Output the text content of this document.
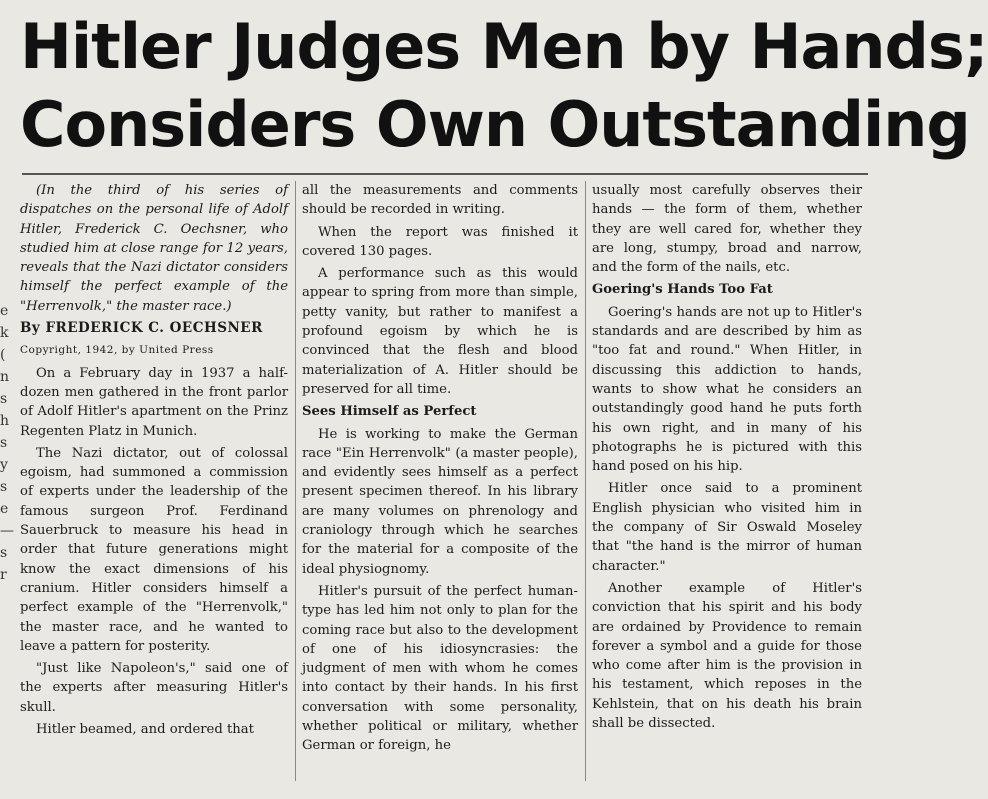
e
k
(
n
s
h
s
y
s
e
—
s
r
Hitler Judges Men by Hands;
Considers Own Outstanding

(In the third of his series of dispatches on the personal life of Adolf Hitler, Frederick C. Oechsner, who studied him at close range for 12 years, reveals that the Nazi dictator considers himself the perfect example of the "Herrenvolk," the master race.)

By FREDERICK C. OECHSNER

Copyright, 1942, by United Press

On a February day in 1937 a half-dozen men gathered in the front parlor of Adolf Hitler's apartment on the Prinz Regenten Platz in Munich.

The Nazi dictator, out of colossal egoism, had summoned a commission of experts under the leadership of the famous surgeon Prof. Ferdinand Sauerbruck to measure his head in order that future generations might know the exact dimensions of his cranium. Hitler considers himself a perfect example of the "Herrenvolk," the master race, and he wanted to leave a pattern for posterity.

"Just like Napoleon's," said one of the experts after measuring Hitler's skull.

Hitler beamed, and ordered that

all the measurements and comments should be recorded in writing.

When the report was finished it covered 130 pages.

A performance such as this would appear to spring from more than simple, petty vanity, but rather to manifest a profound egoism by which he is convinced that the flesh and blood materialization of A. Hitler should be preserved for all time.

Sees Himself as Perfect

He is working to make the German race "Ein Herrenvolk" (a master people), and evidently sees himself as a perfect present specimen thereof. In his library are many volumes on phrenology and craniology through which he searches for the material for a composite of the ideal physiognomy.

Hitler's pursuit of the perfect human-type has led him not only to plan for the coming race but also to the development of one of his idiosyncrasies: the judgment of men with whom he comes into contact by their hands. In his first conversation with some personality, whether political or military, whether German or foreign, he

usually most carefully observes their hands — the form of them, whether they are well cared for, whether they are long, stumpy, broad and narrow, and the form of the nails, etc.

Goering's Hands Too Fat

Goering's hands are not up to Hitler's standards and are described by him as "too fat and round." When Hitler, in discussing this addiction to hands, wants to show what he considers an outstandingly good hand he puts forth his own right, and in many of his photographs he is pictured with this hand posed on his hip.

Hitler once said to a prominent English physician who visited him in the company of Sir Oswald Moseley that "the hand is the mirror of human character."

Another example of Hitler's conviction that his spirit and his body are ordained by Providence to remain forever a symbol and a guide for those who come after him is the provision in his testament, which reposes in the Kehlstein, that on his death his brain shall be dissected.
